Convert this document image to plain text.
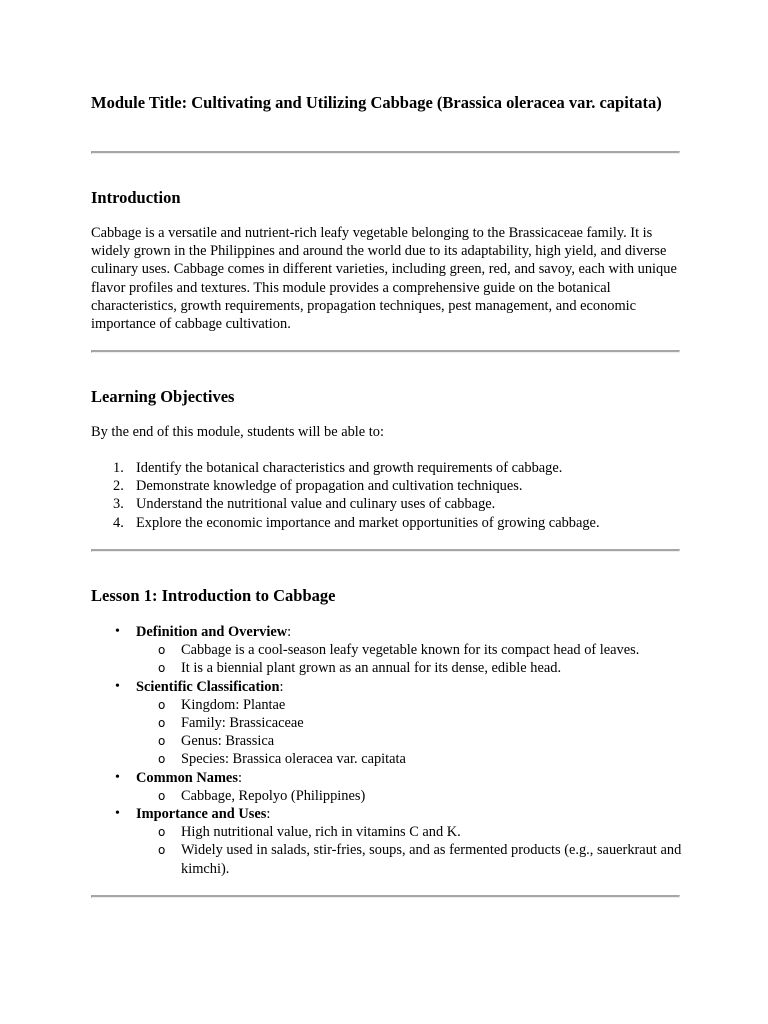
Module Title: Cultivating and Utilizing Cabbage (Brassica oleracea var. capitata)
Introduction

Cabbage is a versatile and nutrient-rich leafy vegetable belonging to the Brassicaceae family. It is widely grown in the Philippines and around the world due to its adaptability, high yield, and diverse culinary uses. Cabbage comes in different varieties, including green, red, and savoy, each with unique flavor profiles and textures. This module provides a comprehensive guide on the botanical characteristics, growth requirements, propagation techniques, pest management, and economic importance of cabbage cultivation.

Learning Objectives

By the end of this module, students will be able to:

1. Identify the botanical characteristics and growth requirements of cabbage.
2. Demonstrate knowledge of propagation and cultivation techniques.
3. Understand the nutritional value and culinary uses of cabbage.
4. Explore the economic importance and market opportunities of growing cabbage.
Lesson 1: Introduction to Cabbage
• Definition and Overview:
o Cabbage is a cool-season leafy vegetable known for its compact head of leaves.
o It is a biennial plant grown as an annual for its dense, edible head.
• Scientific Classification:
o Kingdom: Plantae
o Family: Brassicaceae
o Genus: Brassica
o Species: Brassica oleracea var. capitata
• Common Names:
o Cabbage, Repolyo (Philippines)
• Importance and Uses:
o High nutritional value, rich in vitamins C and K.
o Widely used in salads, stir-fries, soups, and as fermented products (e.g., sauerkraut and kimchi).
